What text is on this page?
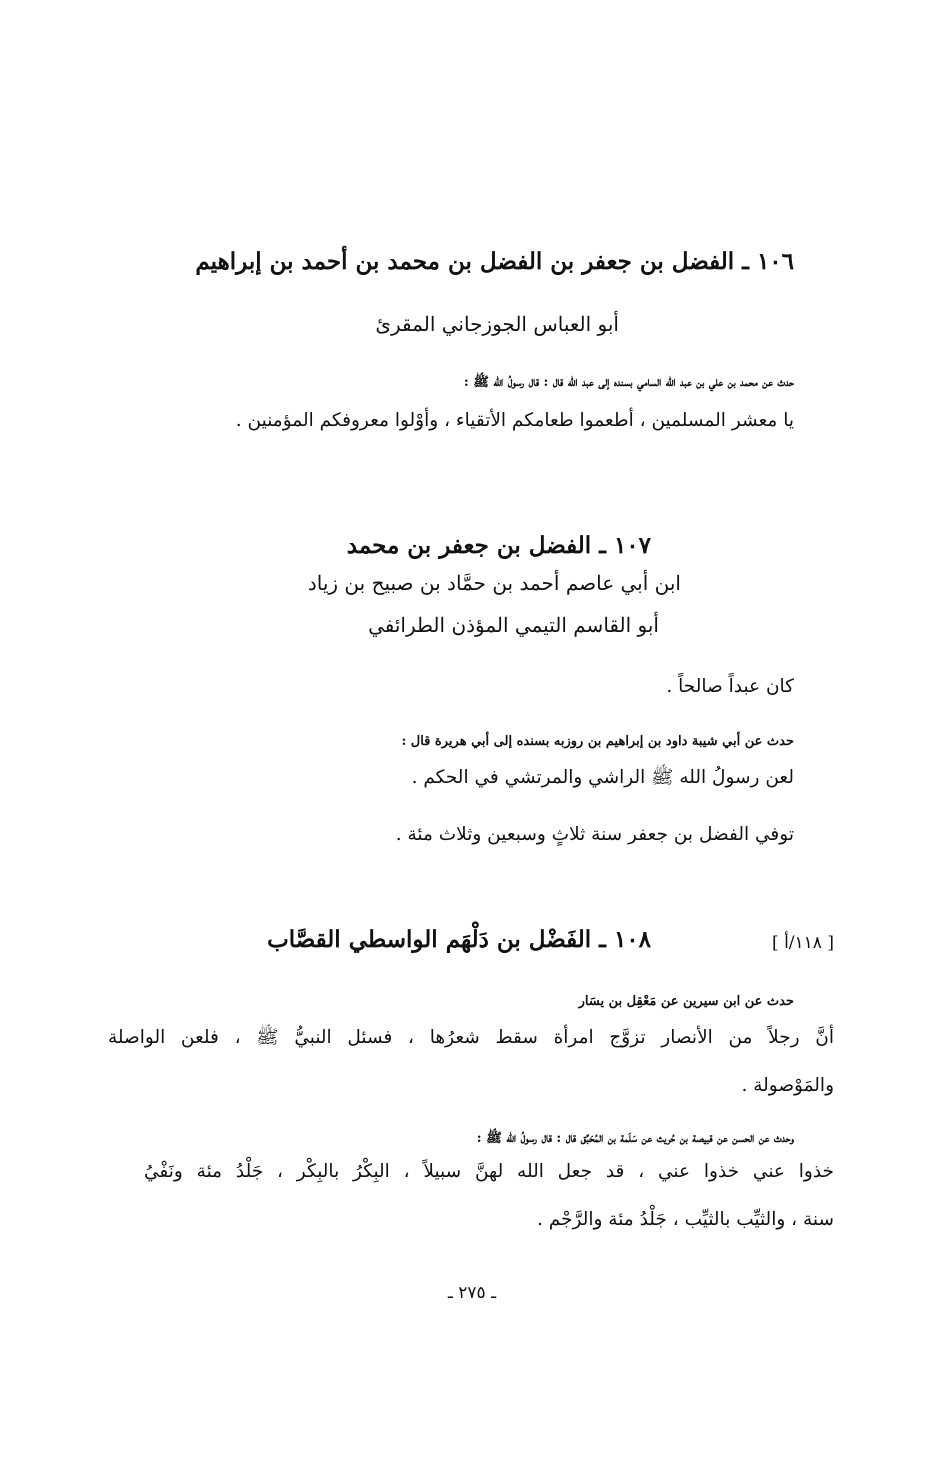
١٠٦ ـ الفضل بن جعفر بن الفضل بن محمد بن أحمد بن إبراهيم
أبو العباس الجوزجاني المقرئ
حدث عن محمد بن علي بن عبد الله السامي بسنده إلى عبد الله قال : قال رسولُ الله ﷺ :
يا معشر المسلمين ، أطعموا طعامكم الأتقياء ، وأوْلوا معروفكم المؤمنين .
١٠٧ ـ الفضل بن جعفر بن محمد
ابن أبي عاصم أحمد بن حمَّاد بن صبيح بن زياد
أبو القاسم التيمي المؤذن الطرائفي
كان عبداً صالحاً .
حدث عن أبي شيبة داود بن إبراهيم بن روزبه بسنده إلى أبي هريرة قال :
لعن رسولُ الله ﷺ الراشي والمرتشي في الحكم .
توفي الفضل بن جعفر سنة ثلاثٍ وسبعين وثلاث مئة .
[ ١١٨/أ ]
١٠٨ ـ الفَضْل بن دَلْهَم الواسطي القصَّاب
حدث عن ابن سيرين عن مَعْقِل بن يسَار
أنَّ رجلاً من الأنصار تزوَّج امرأة سقط شعرُها ، فسئل النبيُّ ﷺ ، فلعن الواصلة
والمَوْصولة .
وحدث عن الحسن عن قبيصة بن حُريث عن سَلَمة بن المُحَبِّق قال : قال رسولُ الله ﷺ :
خذوا عني خذوا عني ، قد جعل الله لهنَّ سبيلاً ، البِكْرُ بالبِكْر ، جَلْدُ مئة ونَفْيُ
سنة ، والثيِّب بالثيِّب ، جَلْدُ مئة والرَّجْم .
ـ ٢٧٥ ـ
